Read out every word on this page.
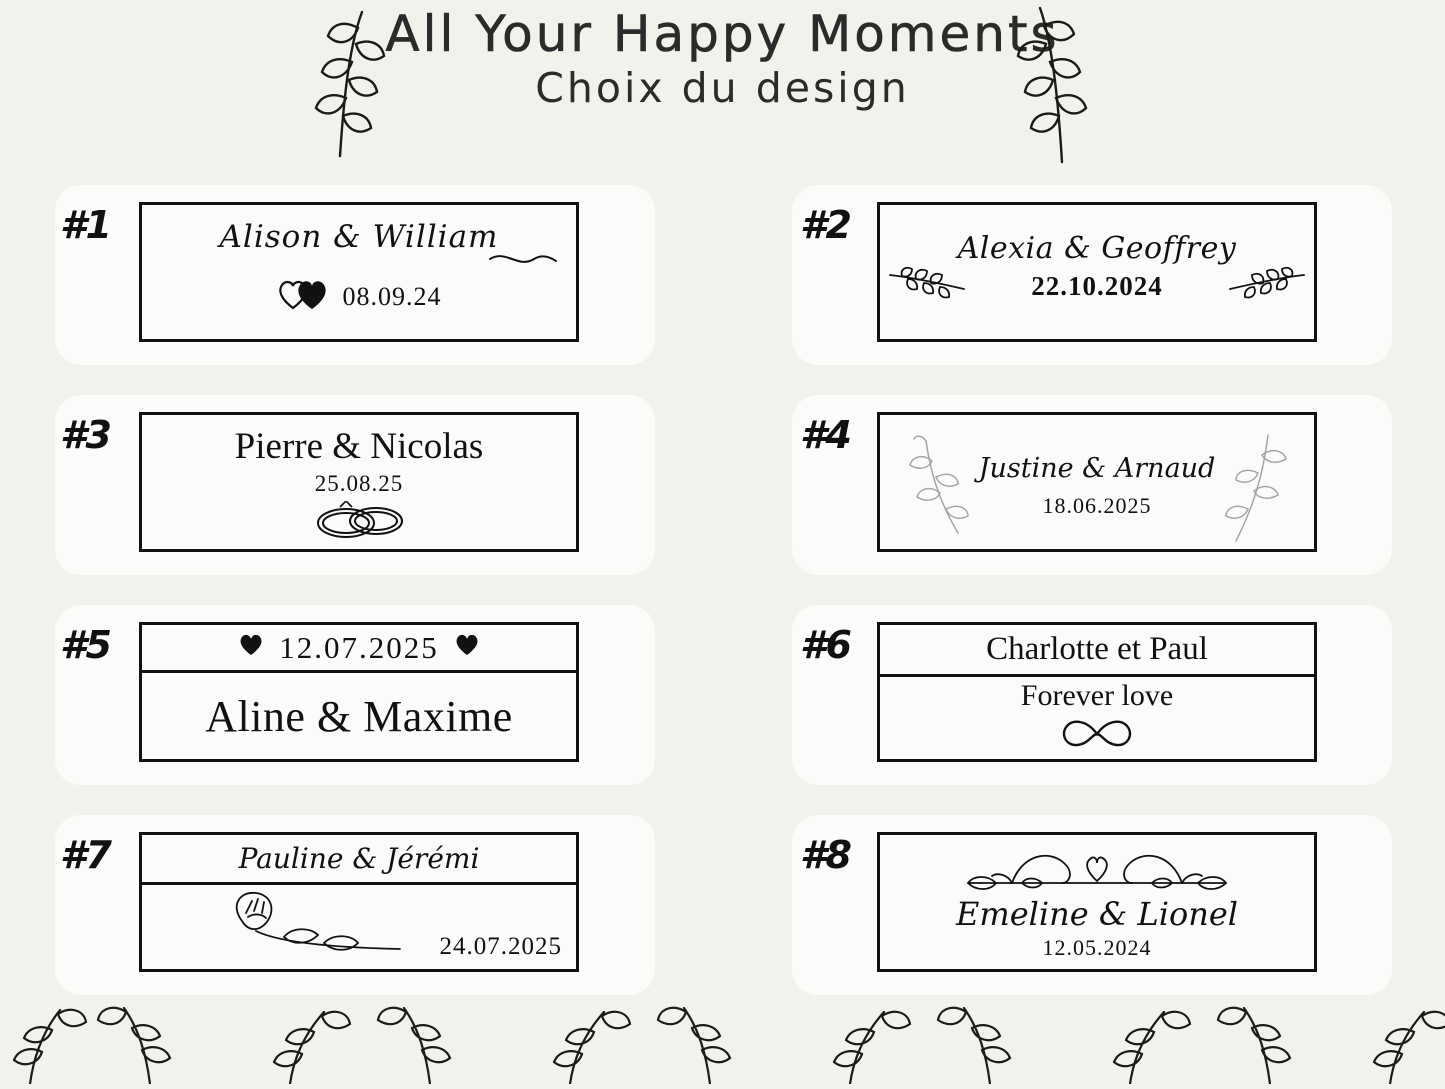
All Your Happy Moments
Choix du design
#1	Alison & William
08.09.24
#2
Alexia & Geoffrey
22.10.2024
#3	Pierre & Nicolas
25.08.25
#4
Justine & Arnaud
18.06.2025
#5	12.07.2025
Aline & Maxime
#6	Charlotte et Paul
Forever love
#7	Pauline & Jérémi
24.07.2025
#8
Emeline & Lionel
12.05.2024
